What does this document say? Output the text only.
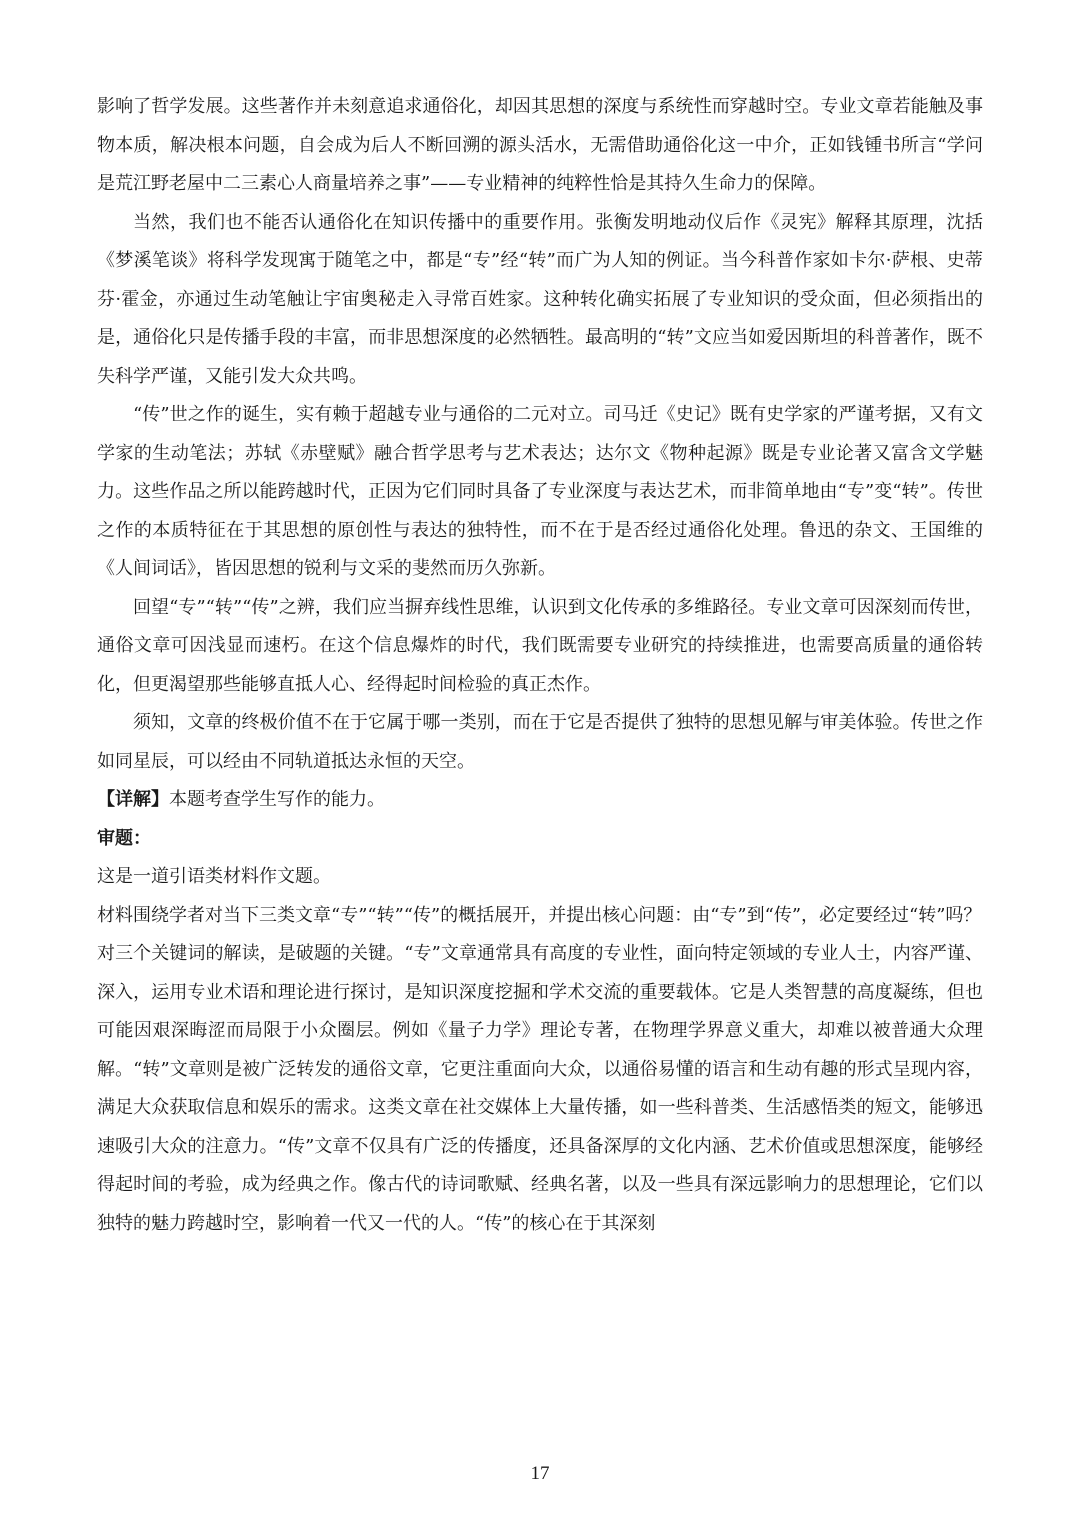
影响了哲学发展。这些著作并未刻意追求通俗化，却因其思想的深度与系统性而穿越时空。专业文章若能触及事物本质，解决根本问题，自会成为后人不断回溯的源头活水，无需借助通俗化这一中介，正如钱锺书所言“学问是荒江野老屋中二三素心人商量培养之事”——专业精神的纯粹性恰是其持久生命力的保障。

当然，我们也不能否认通俗化在知识传播中的重要作用。张衡发明地动仪后作《灵宪》解释其原理，沈括《梦溪笔谈》将科学发现寓于随笔之中，都是“专”经“转”而广为人知的例证。当今科普作家如卡尔·萨根、史蒂芬·霍金，亦通过生动笔触让宇宙奥秘走入寻常百姓家。这种转化确实拓展了专业知识的受众面，但必须指出的是，通俗化只是传播手段的丰富，而非思想深度的必然牺牲。最高明的“转”文应当如爱因斯坦的科普著作，既不失科学严谨，又能引发大众共鸣。

“传”世之作的诞生，实有赖于超越专业与通俗的二元对立。司马迁《史记》既有史学家的严谨考据，又有文学家的生动笔法；苏轼《赤壁赋》融合哲学思考与艺术表达；达尔文《物种起源》既是专业论著又富含文学魅力。这些作品之所以能跨越时代，正因为它们同时具备了专业深度与表达艺术，而非简单地由“专”变“转”。传世之作的本质特征在于其思想的原创性与表达的独特性，而不在于是否经过通俗化处理。鲁迅的杂文、王国维的《人间词话》，皆因思想的锐利与文采的斐然而历久弥新。

回望“专”“转”“传”之辨，我们应当摒弃线性思维，认识到文化传承的多维路径。专业文章可因深刻而传世，通俗文章可因浅显而速朽。在这个信息爆炸的时代，我们既需要专业研究的持续推进，也需要高质量的通俗转化，但更渴望那些能够直抵人心、经得起时间检验的真正杰作。

须知，文章的终极价值不在于它属于哪一类别，而在于它是否提供了独特的思想见解与审美体验。传世之作如同星辰，可以经由不同轨道抵达永恒的天空。

【详解】本题考查学生写作的能力。

审题：

这是一道引语类材料作文题。

材料围绕学者对当下三类文章“专”“转”“传”的概括展开，并提出核心问题：由“专”到“传”，必定要经过“转”吗？

对三个关键词的解读，是破题的关键。“专”文章通常具有高度的专业性，面向特定领域的专业人士，内容严谨、深入，运用专业术语和理论进行探讨，是知识深度挖掘和学术交流的重要载体。它是人类智慧的高度凝练，但也可能因艰深晦涩而局限于小众圈层。例如《量子力学》理论专著，在物理学界意义重大，却难以被普通大众理解。“转”文章则是被广泛转发的通俗文章，它更注重面向大众，以通俗易懂的语言和生动有趣的形式呈现内容，满足大众获取信息和娱乐的需求。这类文章在社交媒体上大量传播，如一些科普类、生活感悟类的短文，能够迅速吸引大众的注意力。“传”文章不仅具有广泛的传播度，还具备深厚的文化内涵、艺术价值或思想深度，能够经得起时间的考验，成为经典之作。像古代的诗词歌赋、经典名著，以及一些具有深远影响力的思想理论，它们以独特的魅力跨越时空，影响着一代又一代的人。“传”的核心在于其深刻

17
